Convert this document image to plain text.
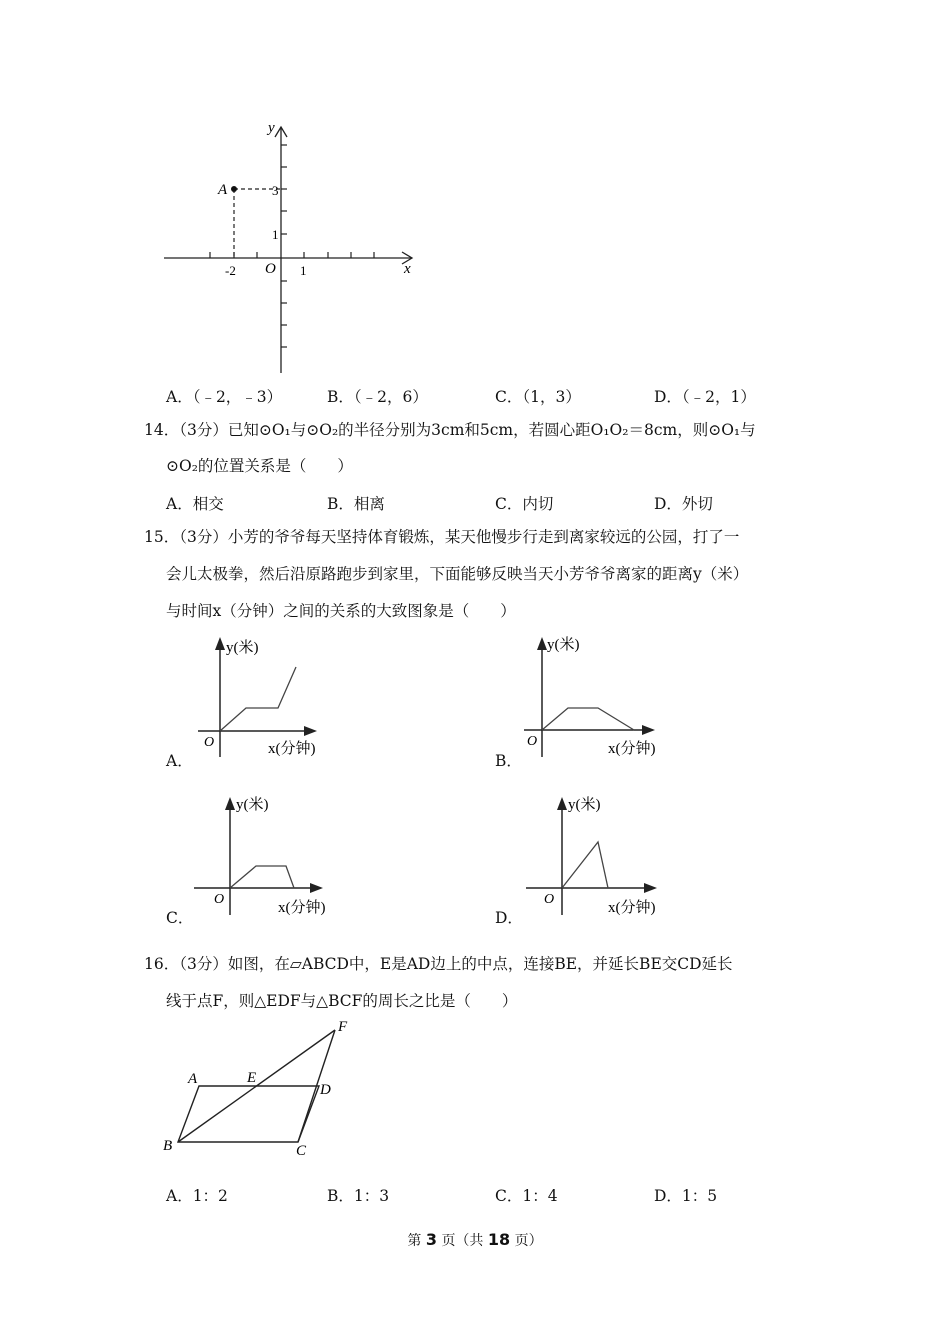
y
x
O
A	3
1
-2	1
A．（﹣2，﹣3）	B．（﹣2，6）	C．（1，3）	D．（﹣2，1）
14．（3分）已知⊙O₁与⊙O₂的半径分别为3cm和5cm，若圆心距O₁O₂＝8cm，则⊙O₁与
⊙O₂的位置关系是（　　）
A．相交	B．相离	C．内切	D．外切
15．（3分）小芳的爷爷每天坚持体育锻炼，某天他慢步行走到离家较远的公园，打了一
会儿太极拳，然后沿原路跑步到家里，下面能够反映当天小芳爷爷离家的距离y（米）
与时间x（分钟）之间的关系的大致图象是（　　）
A．
y(米)
O	x(分钟)
B．
y(米)
O	x(分钟)
C．
y(米)
O
x(分钟)
D．
y(米)
O
x(分钟)
16．（3分）如图，在▱ABCD中，E是AD边上的中点，连接BE，并延长BE交CD延长
线于点F，则△EDF与△BCF的周长之比是（　　）
A	E
D
F
B	C
A．1：2	B．1：3	C．1：4	D．1：5
第 3 页（共 18 页）
